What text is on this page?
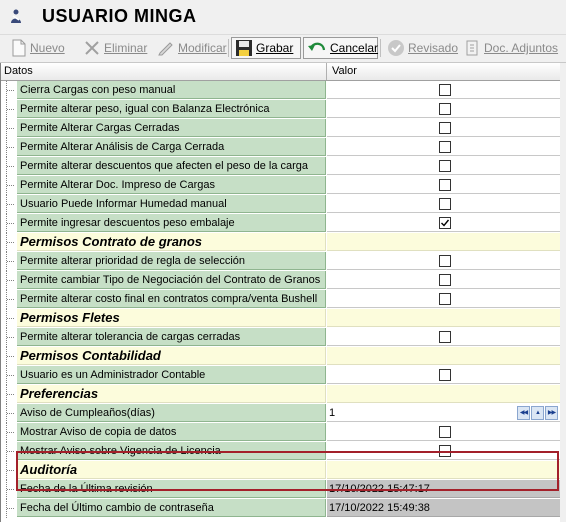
USUARIO MINGA
Nuevo	Eliminar	Modificar Grabar	Cancelar Revisado Doc. Adjuntos
Datos	Valor
Cierra Cargas con peso manual
Permite alterar peso, igual con Balanza Electrónica
Permite Alterar Cargas Cerradas
Permite Alterar Análisis de Carga Cerrada
Permite alterar descuentos que afecten el peso de la carga
Permite Alterar Doc. Impreso de Cargas
Usuario Puede Informar Humedad manual
Permite ingresar descuentos peso embalaje
Permisos Contrato de granos
Permite alterar prioridad de regla de selección
Permite cambiar Tipo de Negociación del Contrato de Granos
Permite alterar costo final en contratos compra/venta Bushell
Permisos Fletes
Permite alterar tolerancia de cargas cerradas
Permisos Contabilidad
Usuario es un Administrador Contable
Preferencias
Aviso de Cumpleaños(días)	1	◀◀	▲	▶▶
Mostrar Aviso de copia de datos
Mostrar Aviso sobre Vigencia de Licencia
Auditoría
Fecha de la Última revisión	17/10/2022 15:47:17
Fecha del Último cambio de contraseña	17/10/2022 15:49:38
